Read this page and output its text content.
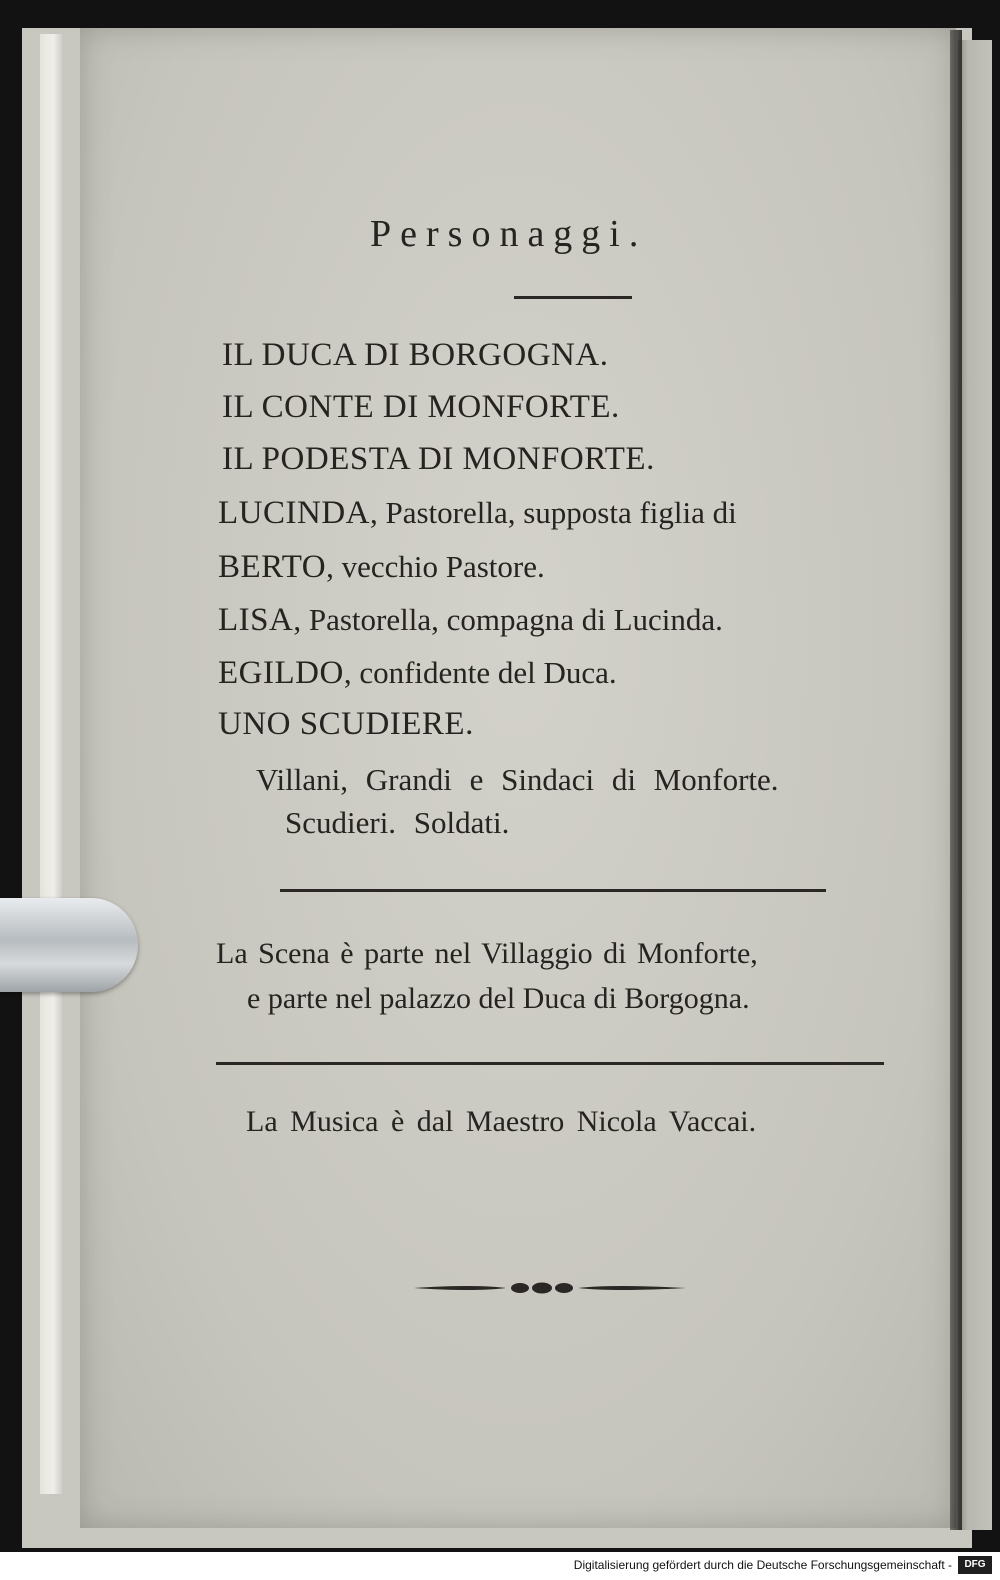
Personaggi.
IL DUCA DI BORGOGNA.
IL CONTE DI MONFORTE.
IL PODESTA DI MONFORTE.
LUCINDA, Pastorella, supposta figlia di
BERTO, vecchio Pastore.
LISA, Pastorella, compagna di Lucinda.
EGILDO, confidente del Duca.
UNO SCUDIERE.
Villani, Grandi e Sindaci di Monforte.
Scudieri. Soldati.
La Scena è parte nel Villaggio di Monforte,
e parte nel palazzo del Duca di Borgogna.
La Musica è dal Maestro Nicola Vaccai.
Digitalisierung gefördert durch die Deutsche Forschungsgemeinschaft -	DFG
